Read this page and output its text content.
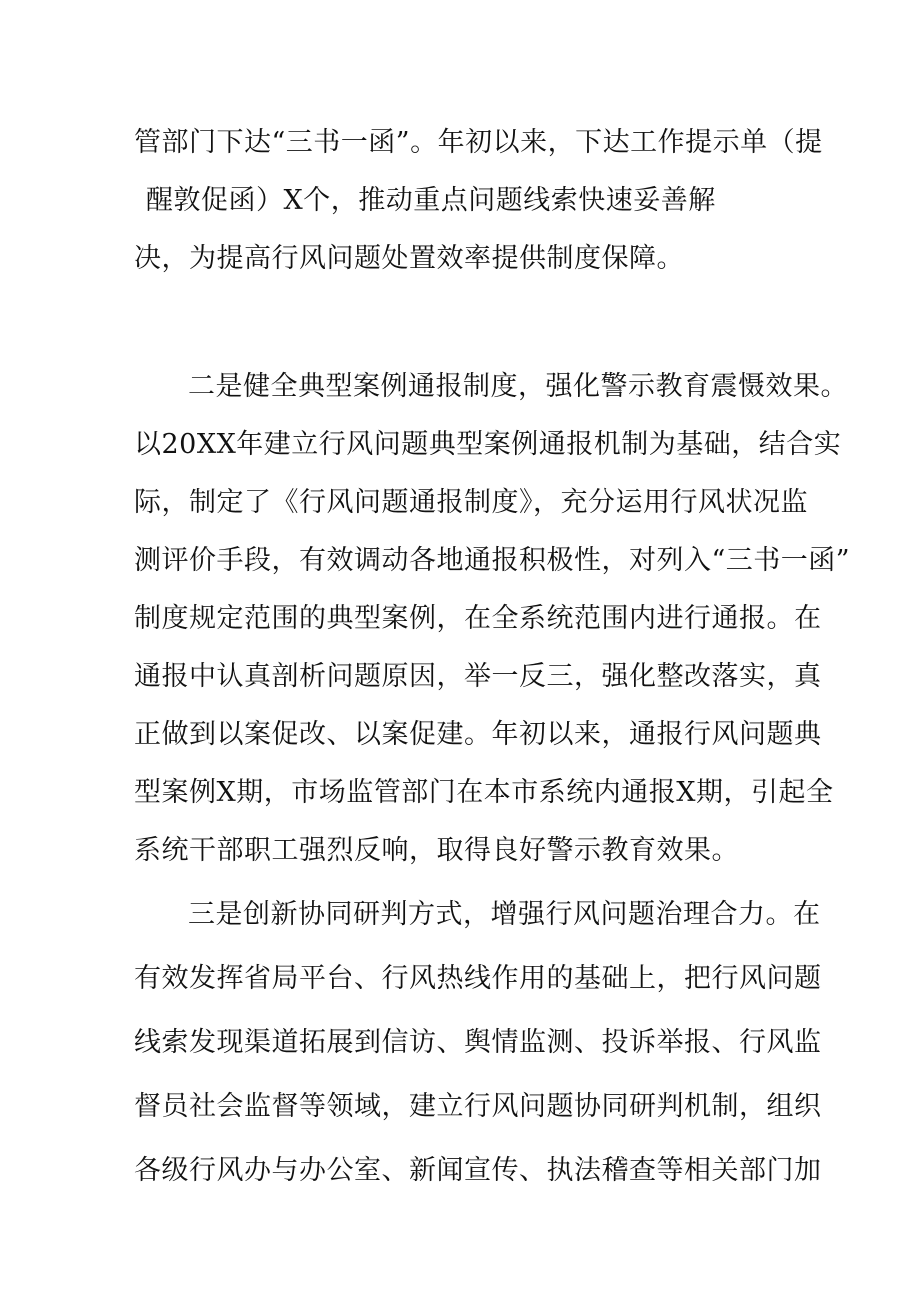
管部门下达“三书一函”。年初以来，下达工作提示单（提
醒敦促函）X个，推动重点问题线索快速妥善解
决，为提高行风问题处置效率提供制度保障。
二是健全典型案例通报制度，强化警示教育震慑效果。
以20XX年建立行风问题典型案例通报机制为基础，结合实
际，制定了《行风问题通报制度》，充分运用行风状况监
测评价手段，有效调动各地通报积极性，对列入“三书一函”
制度规定范围的典型案例，在全系统范围内进行通报。在
通报中认真剖析问题原因，举一反三，强化整改落实，真
正做到以案促改、以案促建。年初以来，通报行风问题典
型案例X期，市场监管部门在本市系统内通报X期，引起全
系统干部职工强烈反响，取得良好警示教育效果。
三是创新协同研判方式，增强行风问题治理合力。在
有效发挥省局平台、行风热线作用的基础上，把行风问题
线索发现渠道拓展到信访、舆情监测、投诉举报、行风监
督员社会监督等领域，建立行风问题协同研判机制，组织
各级行风办与办公室、新闻宣传、执法稽查等相关部门加
